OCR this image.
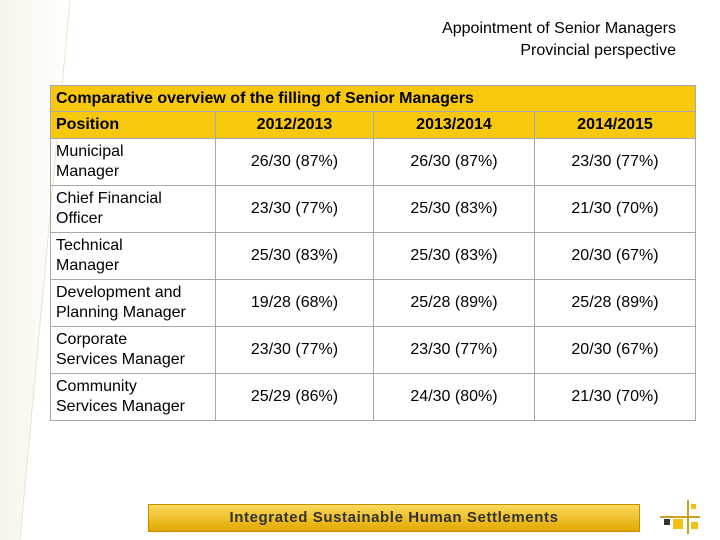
Appointment of Senior Managers
Provincial perspective
Comparative overview of the filling of Senior Managers			
Position	2012/2013	2013/2014	2014/2015

Municipal
Manager	26/30 (87%)	26/30 (87%)	23/30 (77%)

Chief Financial
Officer	23/30 (77%)	25/30 (83%)	21/30 (70%)

Technical
Manager	25/30 (83%)	25/30 (83%)	20/30 (67%)

Development and
Planning Manager	19/28 (68%)	25/28 (89%)	25/28 (89%)

Corporate
Services Manager	23/30 (77%)	23/30 (77%)	20/30 (67%)

Community
Services Manager	25/29 (86%)	24/30 (80%)	21/30 (70%)
Integrated Sustainable Human Settlements
